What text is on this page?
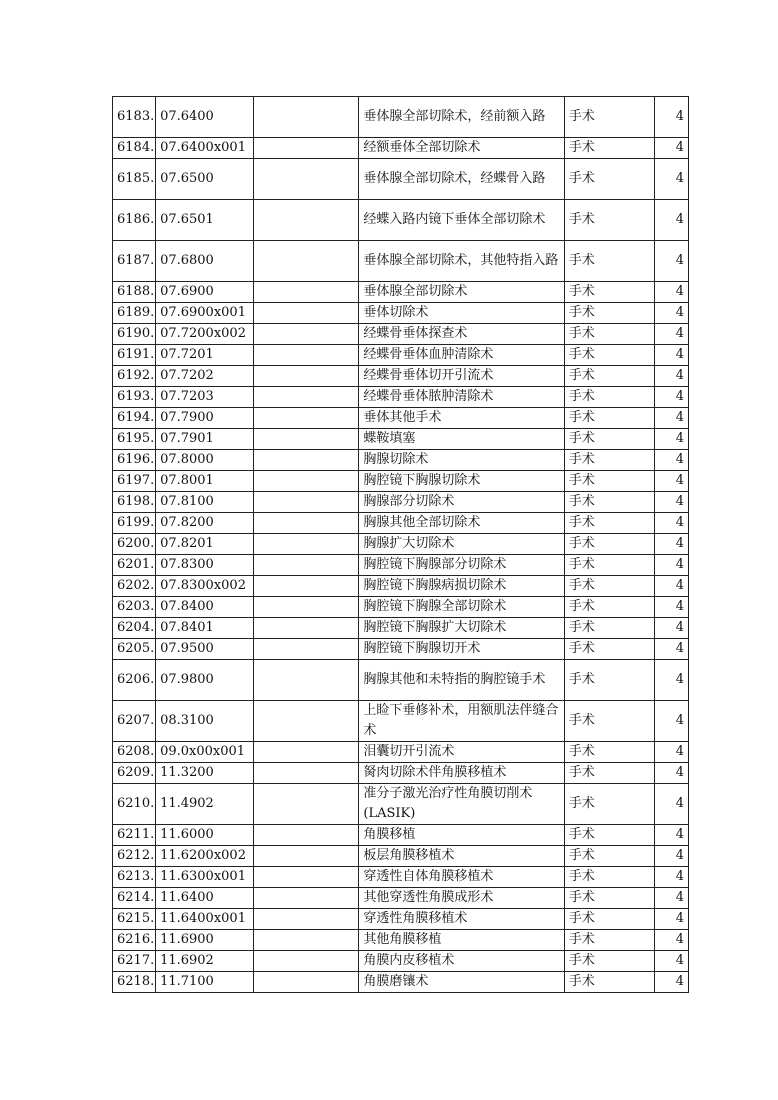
6183.	07.6400		垂体腺全部切除术，经前额入路	手术	4
6184.	07.6400x001		经额垂体全部切除术	手术	4
6185.	07.6500		垂体腺全部切除术，经蝶骨入路	手术	4
6186.	07.6501		经蝶入路内镜下垂体全部切除术	手术	4
6187.	07.6800		垂体腺全部切除术，其他特指入路	手术	4
6188.	07.6900		垂体腺全部切除术	手术	4
6189.	07.6900x001		垂体切除术	手术	4
6190.	07.7200x002		经蝶骨垂体探查术	手术	4
6191.	07.7201		经蝶骨垂体血肿清除术	手术	4
6192.	07.7202		经蝶骨垂体切开引流术	手术	4
6193.	07.7203		经蝶骨垂体脓肿清除术	手术	4
6194.	07.7900		垂体其他手术	手术	4
6195.	07.7901		蝶鞍填塞	手术	4
6196.	07.8000		胸腺切除术	手术	4
6197.	07.8001		胸腔镜下胸腺切除术	手术	4
6198.	07.8100		胸腺部分切除术	手术	4
6199.	07.8200		胸腺其他全部切除术	手术	4
6200.	07.8201		胸腺扩大切除术	手术	4
6201.	07.8300		胸腔镜下胸腺部分切除术	手术	4
6202.	07.8300x002		胸腔镜下胸腺病损切除术	手术	4
6203.	07.8400		胸腔镜下胸腺全部切除术	手术	4
6204.	07.8401		胸腔镜下胸腺扩大切除术	手术	4
6205.	07.9500		胸腔镜下胸腺切开术	手术	4
6206.	07.9800		胸腺其他和未特指的胸腔镜手术	手术	4
6207.	08.3100		上睑下垂修补术，用额肌法伴缝合术	手术	4
6208.	09.0x00x001		泪囊切开引流术	手术	4
6209.	11.3200		胬肉切除术伴角膜移植术	手术	4
6210.	11.4902		准分子激光治疗性角膜切削术(LASIK)	手术	4
6211.	11.6000		角膜移植	手术	4
6212.	11.6200x002		板层角膜移植术	手术	4
6213.	11.6300x001		穿透性自体角膜移植术	手术	4
6214.	11.6400		其他穿透性角膜成形术	手术	4
6215.	11.6400x001		穿透性角膜移植术	手术	4
6216.	11.6900		其他角膜移植	手术	4
6217.	11.6902		角膜内皮移植术	手术	4
6218.	11.7100		角膜磨镶术	手术	4
